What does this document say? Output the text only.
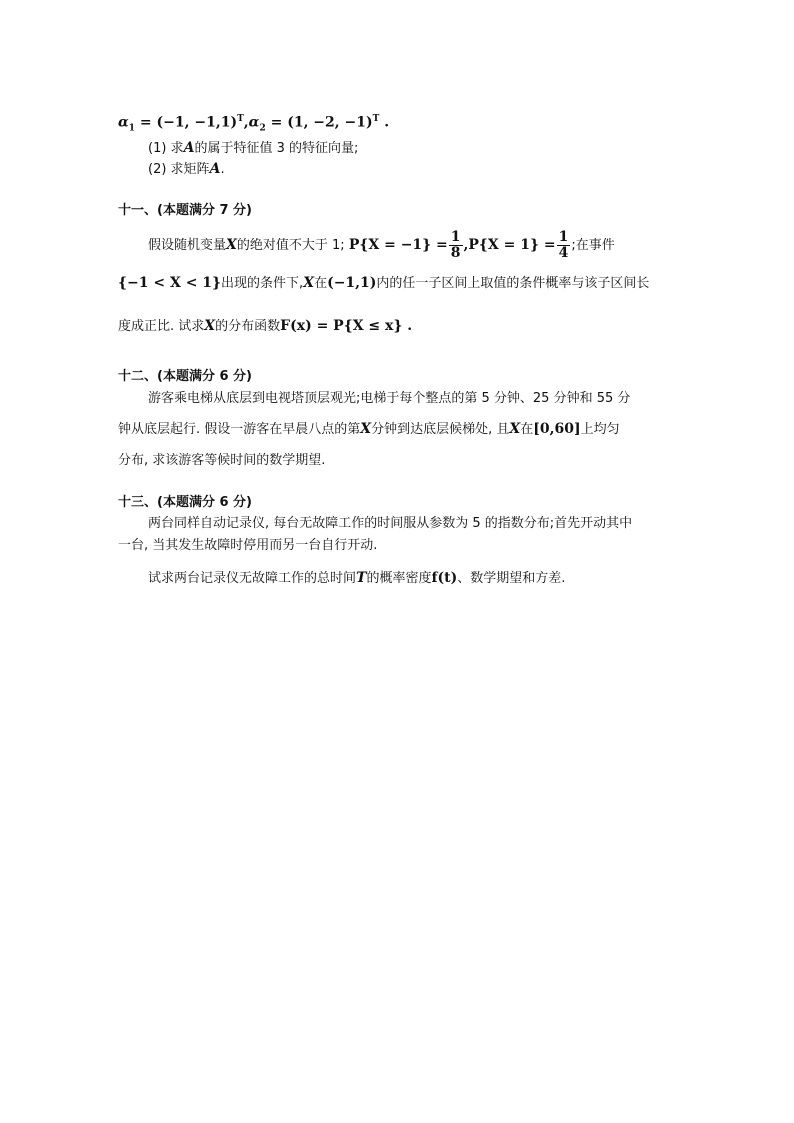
$\alpha_1 = (-1$, $-1,1)^T,\alpha_2 = (1$, −2, −1)$^T$ .
(1) 求A的属于特征值 3 的特征向量;
(2) 求矩阵A.
十一、(本题满分 7 分)
假设随机变量X的绝对值不大于 1; $P\{X = -1\} = \frac{1}{8} ,P\{X = 1\} = \frac{1}{4}$ ;在事件
{−1 < X < 1}出现的条件下,X在(−1,1)内的任一子区间上取值的条件概率与该子区间长
度成正比. 试求X的分布函数F(x) = P{X ≤ x} .
十二、(本题满分 6 分)
游客乘电梯从底层到电视塔顶层观光;电梯于每个整点的第 5 分钟、25 分钟和 55 分
钟从底层起行. 假设一游客在早晨八点的第X分钟到达底层候梯处, 且X在[0,60]上均匀
分布, 求该游客等候时间的数学期望.
十三、(本题满分 6 分)
两台同样自动记录仪, 每台无故障工作的时间服从参数为 5 的指数分布;首先开动其中
一台, 当其发生故障时停用而另一台自行开动.
试求两台记录仪无故障工作的总时间T的概率密度f(t)、数学期望和方差.
